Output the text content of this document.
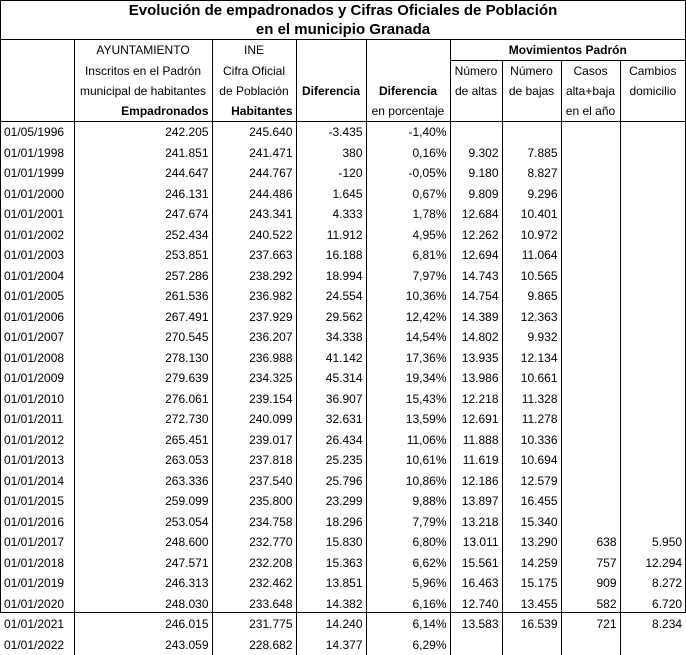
Evolución de empadronados y Cifras Oficiales de Población								
en el municipio Granada								
	AYUNTAMIENTO	INE			Movimientos Padrón			
	Inscritos en el Padrón	Cifra Oficial			Número	Número	Casos	Cambios
	municipal de habitantes	de Población	Diferencia	Diferencia	de altas	de bajas	alta+baja	domicilio
	Empadronados	Habitantes		en porcentaje			en el año	
01/05/1996	242.205	245.640	-3.435	-1,40%				
01/01/1998	241.851	241.471	380	0,16%	9.302	7.885		
01/01/1999	244.647	244.767	-120	-0,05%	9.180	8.827		
01/01/2000	246.131	244.486	1.645	0,67%	9.809	9.296		
01/01/2001	247.674	243.341	4.333	1,78%	12.684	10.401		
01/01/2002	252.434	240.522	11.912	4,95%	12.262	10.972		
01/01/2003	253.851	237.663	16.188	6,81%	12.694	11.064		
01/01/2004	257.286	238.292	18.994	7,97%	14.743	10.565		
01/01/2005	261.536	236.982	24.554	10,36%	14.754	9.865		
01/01/2006	267.491	237.929	29.562	12,42%	14.389	12.363		
01/01/2007	270.545	236.207	34.338	14,54%	14.802	9.932		
01/01/2008	278.130	236.988	41.142	17,36%	13.935	12.134		
01/01/2009	279.639	234.325	45.314	19,34%	13.986	10.661		
01/01/2010	276.061	239.154	36.907	15,43%	12.218	11.328		
01/01/2011	272.730	240.099	32.631	13,59%	12.691	11.278		
01/01/2012	265.451	239.017	26.434	11,06%	11.888	10.336		
01/01/2013	263.053	237.818	25.235	10,61%	11.619	10.694		
01/01/2014	263.336	237.540	25.796	10,86%	12.186	12.579		
01/01/2015	259.099	235.800	23.299	9,88%	13.897	16.455		
01/01/2016	253.054	234.758	18.296	7,79%	13.218	15.340		
01/01/2017	248.600	232.770	15.830	6,80%	13.011	13.290	638	5.950
01/01/2018	247.571	232.208	15.363	6,62%	15.561	14.259	757	12.294
01/01/2019	246.313	232.462	13.851	5,96%	16.463	15.175	909	8.272
01/01/2020	248.030	233.648	14.382	6,16%	12.740	13.455	582	6.720
01/01/2021	246.015	231.775	14.240	6,14%	13.583	16.539	721	8.234
01/01/2022	243.059	228.682	14.377	6,29%				
